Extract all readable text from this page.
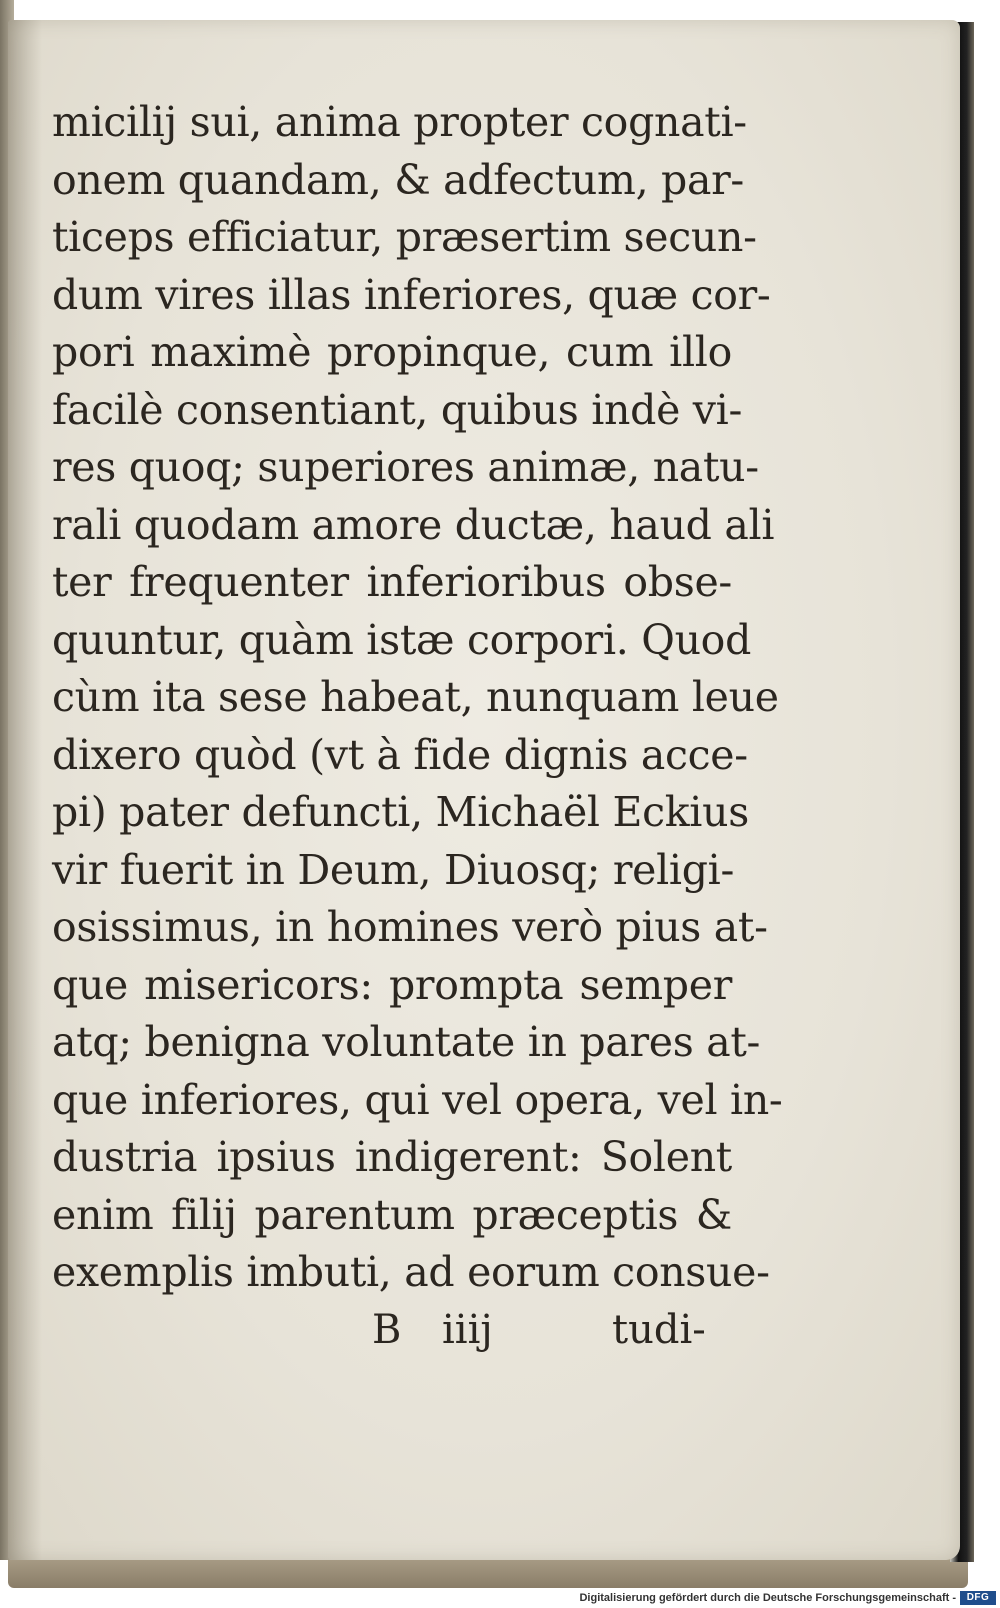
micilij sui, anima propter cognati-
onem quandam, & adfectum, par-
ticeps efficiatur, præsertim secun-
dum vires illas inferiores, quæ cor-
pori maximè propinque, cum illo
facilè consentiant, quibus indè vi-
res quoq; superiores animæ, natu-
rali quodam amore ductæ, haud ali
ter frequenter inferioribus obse-
quuntur, quàm istæ corpori. Quod
cùm ita sese habeat, nunquam leue
dixero quòd (vt à fide dignis acce-
pi) pater defuncti, Michaël Eckius
vir fuerit in Deum, Diuosq; religi-
osissimus, in homines verò pius at-
que misericors: prompta semper
atq; benigna voluntate in pares at-
que inferiores, qui vel opera, vel in-
dustria ipsius indigerent: Solent
enim filij parentum præceptis &
exemplis imbuti, ad eorum consue-
B iiij	tudi-
Digitalisierung gefördert durch die Deutsche Forschungsgemeinschaft -	DFG
